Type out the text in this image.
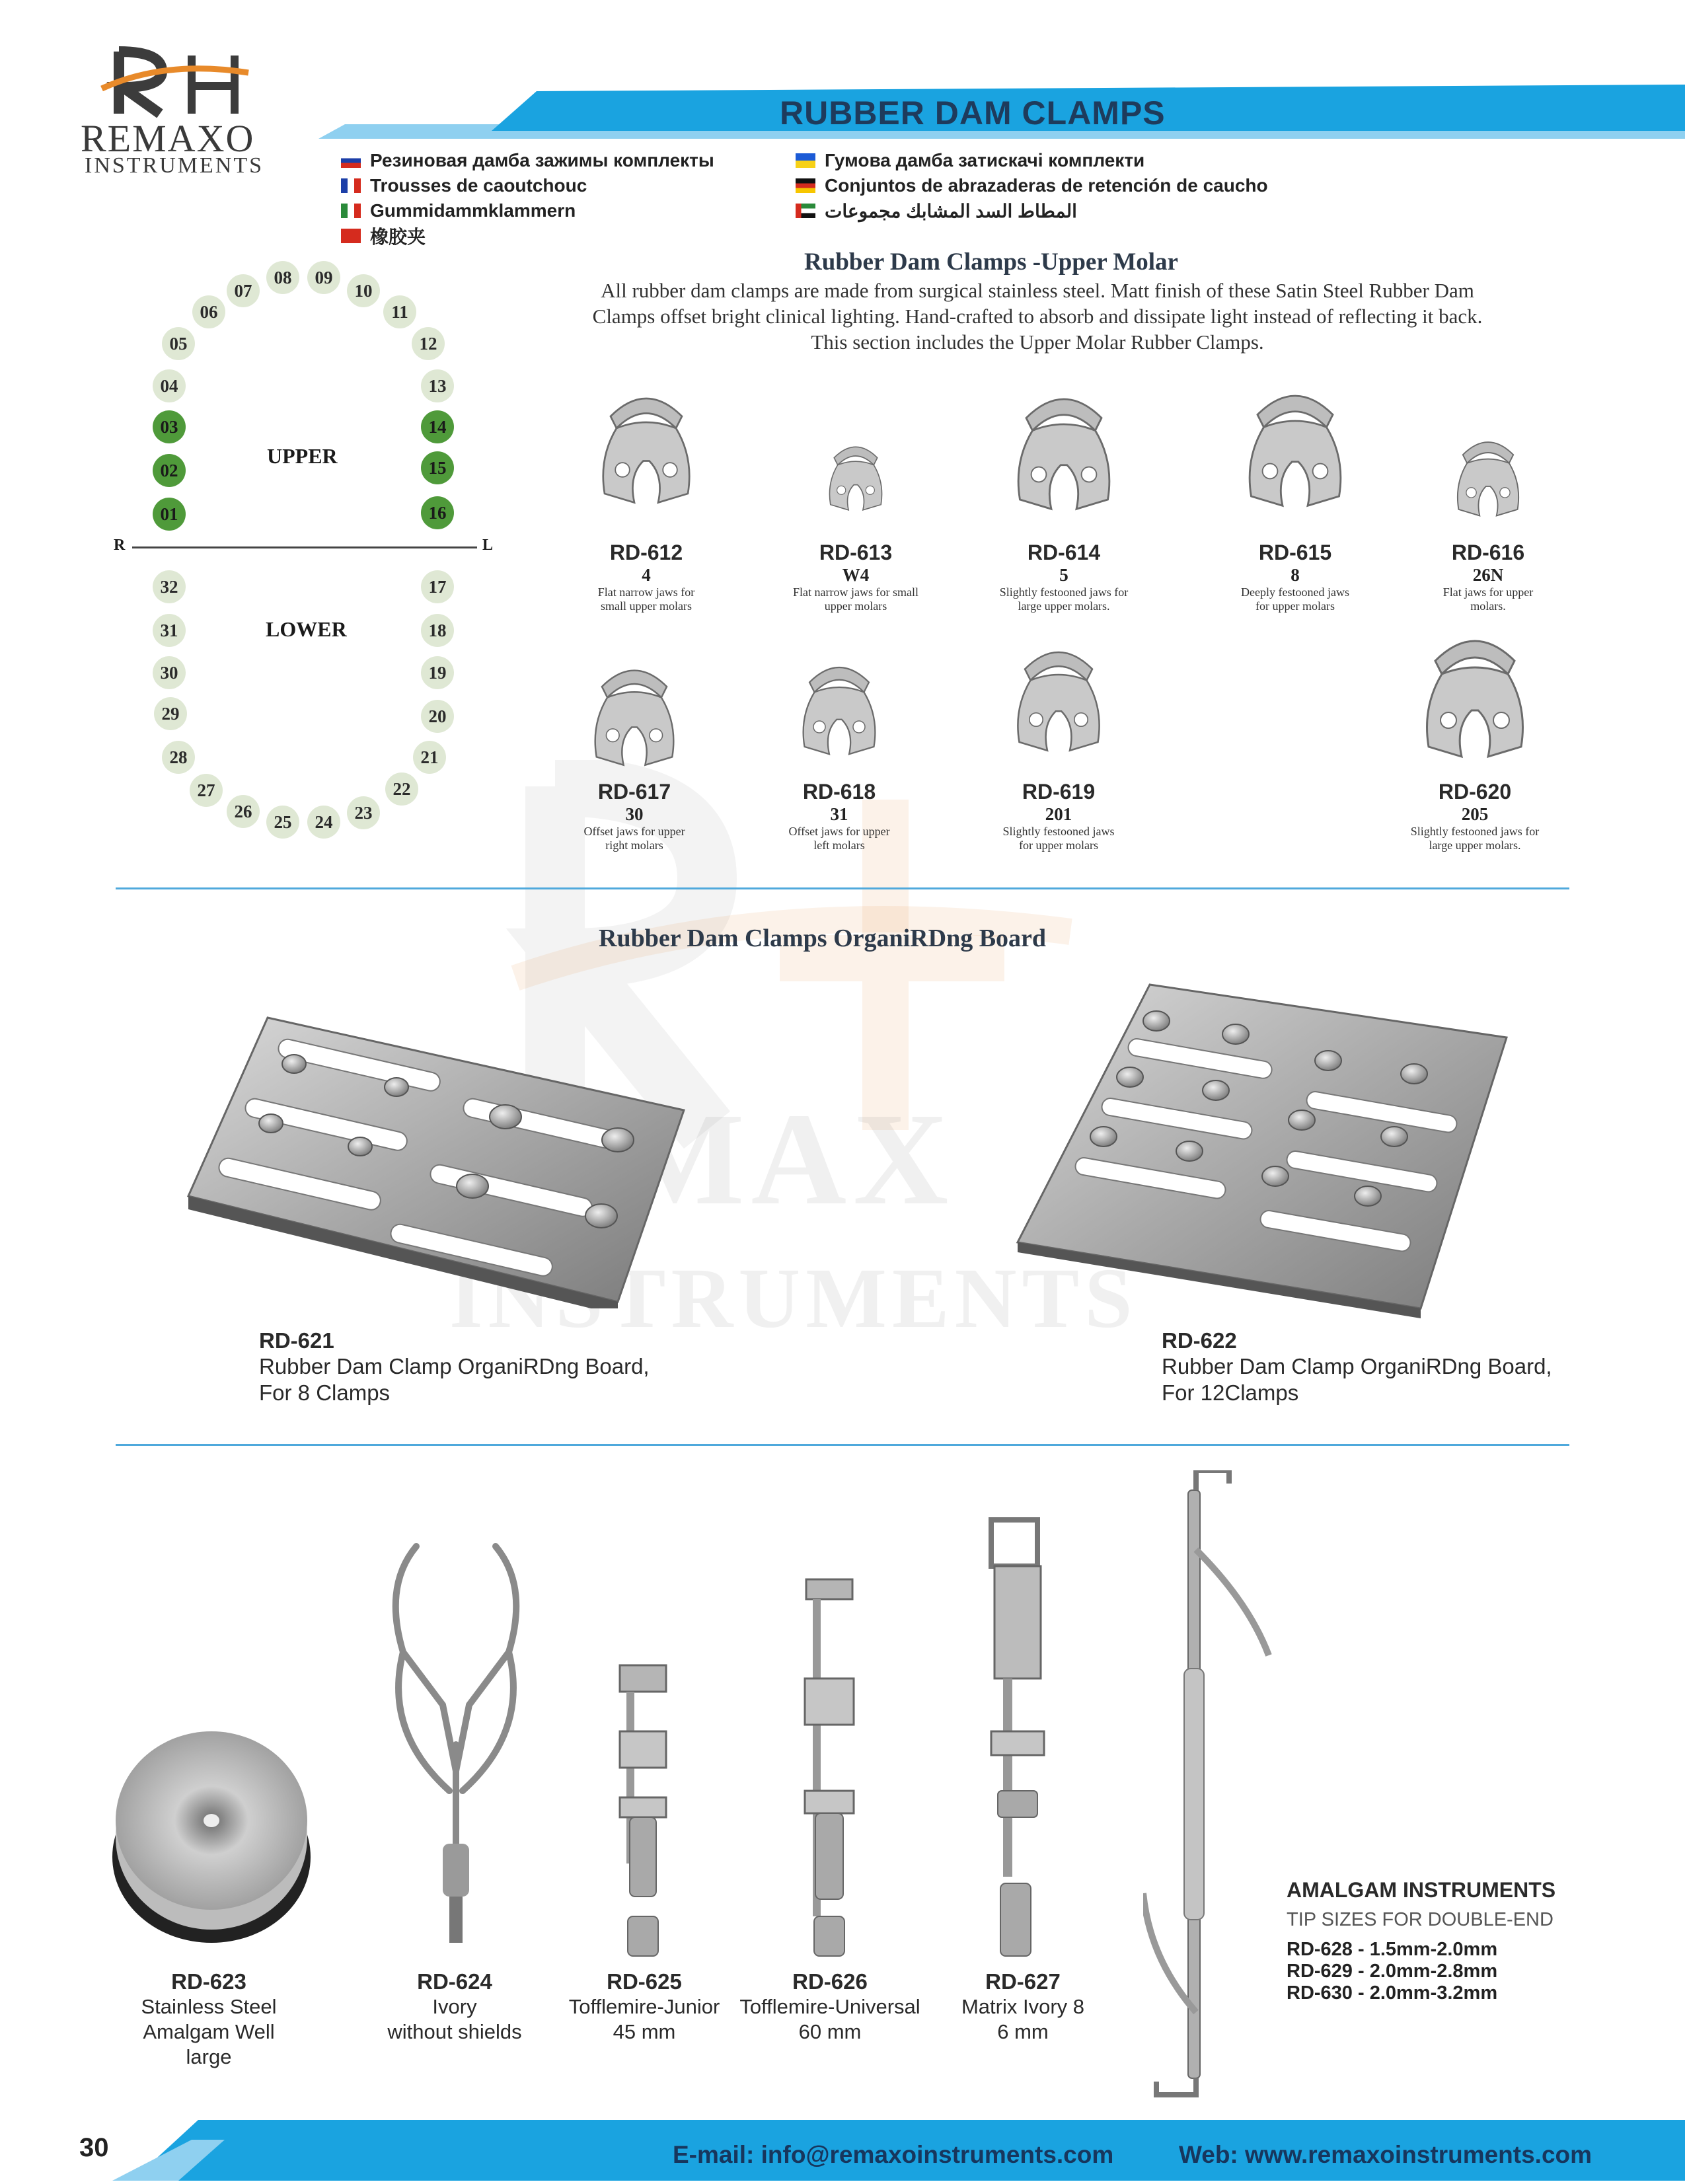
REMAX
INSTRUMENTS
REMAXO
INSTRUMENTS
RUBBER DAM CLAMPS
Резиновая дамба зажимы комплекты
Trousses de caoutchouc
Gummidammklammern
橡胶夹
Гумова дамба затискачі комплекти
Conjuntos de abrazaderas de retención de caucho
المطاط السد المشابك مجموعات
01
02
03
04
05
06
07
08	09
10
11
12
13
14
15
16
17
18
19
20
21
22
23
24
25
26
27
28
29
30
31
32
UPPER
LOWER
R	L
Rubber Dam Clamps -Upper Molar
All rubber dam clamps are made from surgical stainless steel. Matt finish of these Satin Steel Rubber Dam
Clamps offset bright clinical lighting. Hand-crafted to absorb and dissipate light instead of reflecting it back.
This section includes the Upper Molar Rubber Clamps.
RD-612
4
Flat narrow jaws for
small upper molars
RD-613
W4
Flat narrow jaws for small
upper molars
RD-614
5
Slightly festooned jaws for
large upper molars.
RD-615
8
Deeply festooned jaws
for upper molars
RD-616
26N
Flat jaws for upper
molars.
RD-617
30
Offset jaws for upper
right molars
RD-618
31
Offset jaws for upper
left molars
RD-619
201
Slightly festooned jaws
for upper molars
RD-620
205
Slightly festooned jaws for
large upper molars.
Rubber Dam Clamps OrganiRDng Board
RD-621
Rubber Dam Clamp OrganiRDng Board,
For 8 Clamps
RD-622
Rubber Dam Clamp OrganiRDng Board,
For 12Clamps
RD-623
Stainless Steel
Amalgam Well
large
RD-624
Ivory
without shields
RD-625
Tofflemire-Junior
45 mm
RD-626
Tofflemire-Universal
60 mm
RD-627
Matrix Ivory 8
6 mm
AMALGAM INSTRUMENTS
TIP SIZES FOR DOUBLE-END
RD-628 - 1.5mm-2.0mm
RD-629 - 2.0mm-2.8mm
RD-630 - 2.0mm-3.2mm
30	E-mail: info@remaxoinstruments.com	Web: www.remaxoinstruments.com
